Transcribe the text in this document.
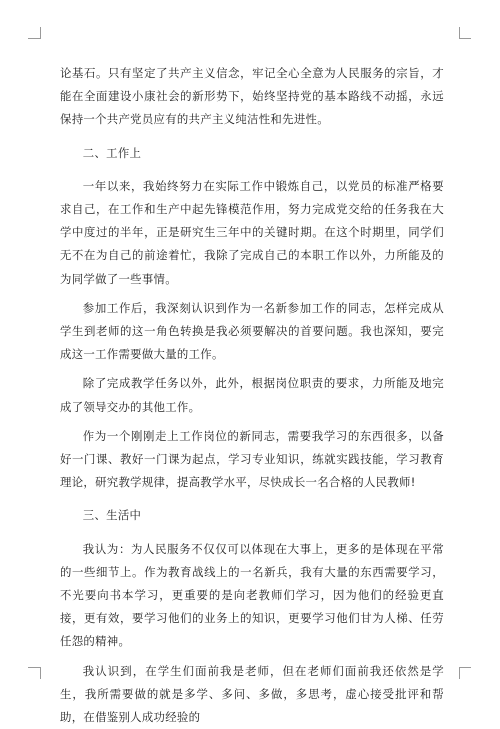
论基石。只有坚定了共产主义信念，牢记全心全意为人民服务的宗旨，才能在全面建设小康社会的新形势下，始终坚持党的基本路线不动摇，永远保持一个共产党员应有的共产主义纯洁性和先进性。

二、工作上

一年以来，我始终努力在实际工作中锻炼自己，以党员的标准严格要求自己，在工作和生产中起先锋模范作用，努力完成党交给的任务我在大学中度过的半年，正是研究生三年中的关键时期。在这个时期里，同学们无不在为自己的前途着忙，我除了完成自己的本职工作以外，力所能及的为同学做了一些事情。

参加工作后，我深刻认识到作为一名新参加工作的同志，怎样完成从学生到老师的这一角色转换是我必须要解决的首要问题。我也深知，要完成这一工作需要做大量的工作。

除了完成教学任务以外，此外，根据岗位职责的要求，力所能及地完成了领导交办的其他工作。

作为一个刚刚走上工作岗位的新同志，需要我学习的东西很多，以备好一门课、教好一门课为起点，学习专业知识，练就实践技能，学习教育理论，研究教学规律，提高教学水平，尽快成长一名合格的人民教师!

三、生活中

我认为：为人民服务不仅仅可以体现在大事上，更多的是体现在平常的一些细节上。作为教育战线上的一名新兵，我有大量的东西需要学习，不光要向书本学习，更重要的是向老教师们学习，因为他们的经验更直接，更有效，要学习他们的业务上的知识，更要学习他们甘为人梯、任劳任怨的精神。

我认识到，在学生们面前我是老师，但在老师们面前我还依然是学生，我所需要做的就是多学、多问、多做，多思考，虚心接受批评和帮助，在借鉴别人成功经验的
